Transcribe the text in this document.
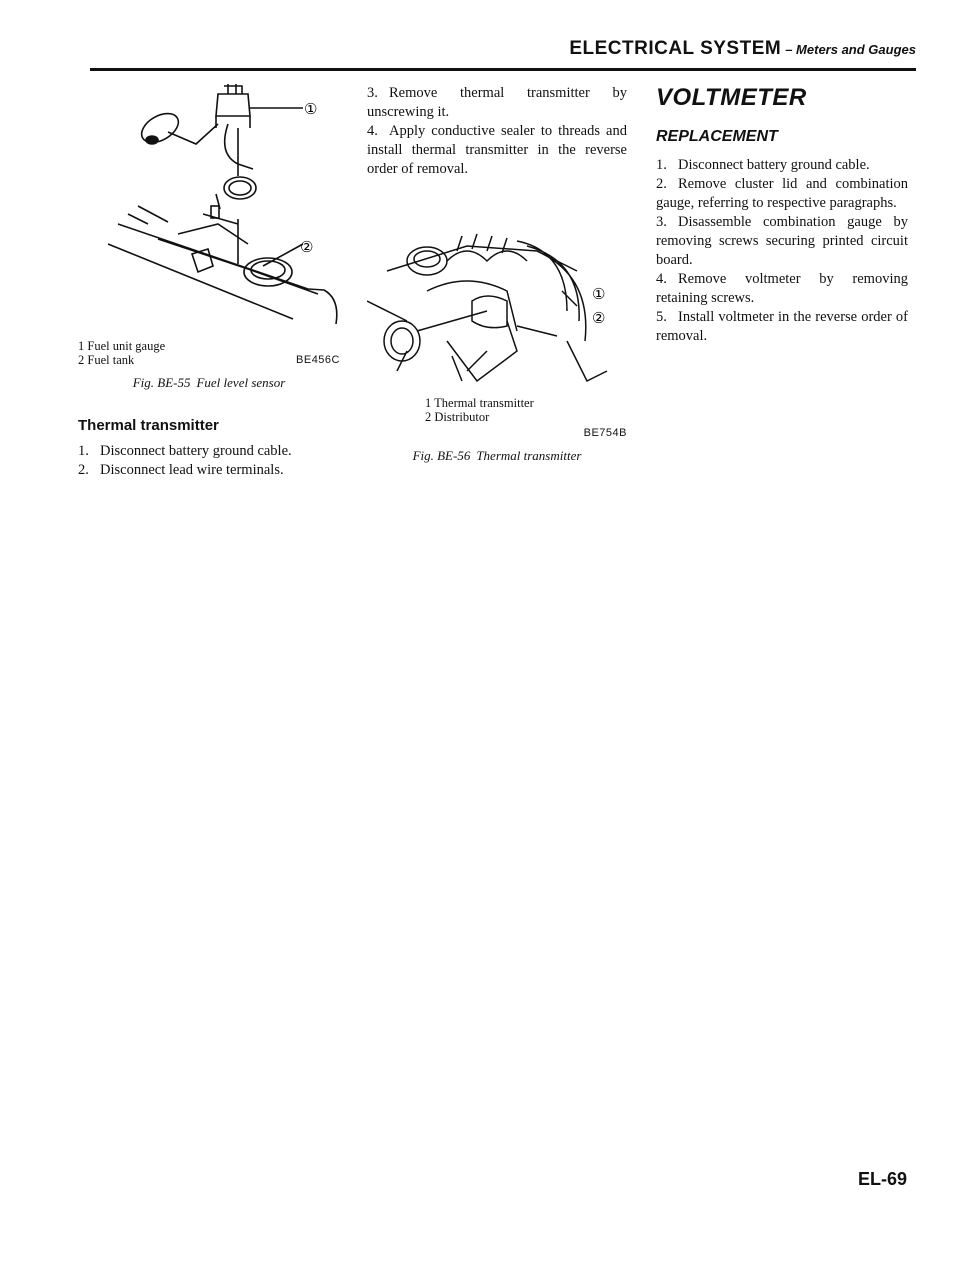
ELECTRICAL SYSTEM – Meters and Gauges
①
②
1 Fuel unit gauge
2 Fuel tank	BE456C
Fig. BE-55 Fuel level sensor
Thermal transmitter
1. Disconnect battery ground cable.
2. Disconnect lead wire terminals.
3. Remove thermal transmitter by unscrewing it.
4. Apply conductive sealer to threads and install thermal transmitter in the reverse order of removal.
①
②
1 Thermal transmitter
2 Distributor
BE754B
Fig. BE-56 Thermal transmitter
VOLTMETER
REPLACEMENT
1. Disconnect battery ground cable.
2. Remove cluster lid and combination gauge, referring to respective paragraphs.
3. Disassemble combination gauge by removing screws securing printed circuit board.
4. Remove voltmeter by removing retaining screws.
5. Install voltmeter in the reverse order of removal.
EL-69
